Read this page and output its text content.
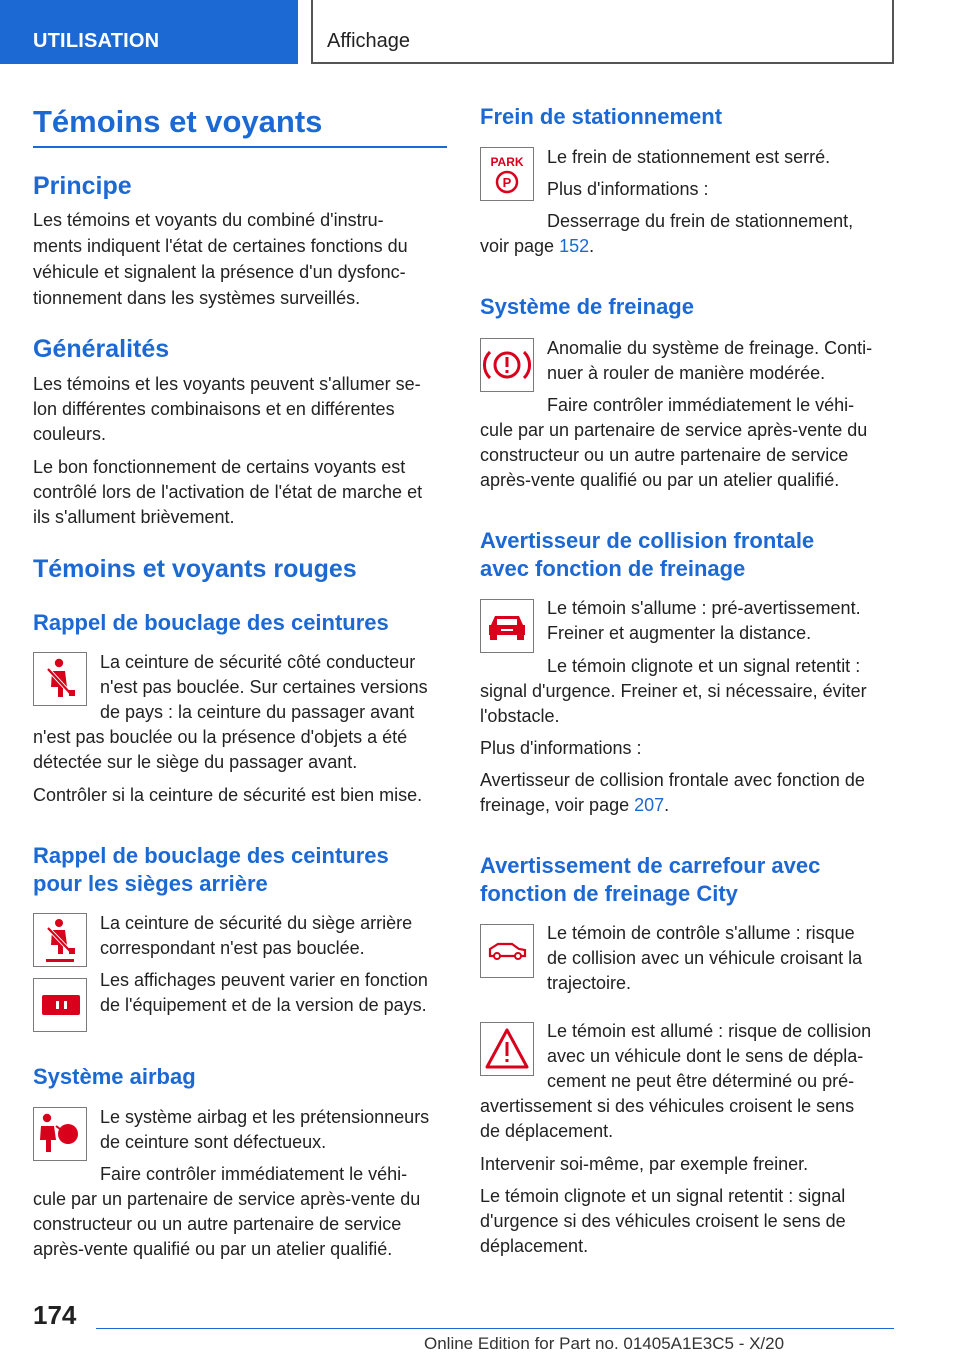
UTILISATION	Affichage
Témoins et voyants
Principe
Les témoins et voyants du combiné d'instru-
ments indiquent l'état de certaines fonctions du
véhicule et signalent la présence d'un dysfonc-
tionnement dans les systèmes surveillés.
Généralités
Les témoins et les voyants peuvent s'allumer se-
lon différentes combinaisons et en différentes
couleurs.
Le bon fonctionnement de certains voyants est
contrôlé lors de l'activation de l'état de marche et
ils s'allument brièvement.
Témoins et voyants rouges
Rappel de bouclage des ceintures
La ceinture de sécurité côté conducteur
n'est pas bouclée. Sur certaines versions
de pays : la ceinture du passager avant
n'est pas bouclée ou la présence d'objets a été
détectée sur le siège du passager avant.
Contrôler si la ceinture de sécurité est bien mise.
Rappel de bouclage des ceintures
pour les sièges arrière
La ceinture de sécurité du siège arrière
correspondant n'est pas bouclée.
Les affichages peuvent varier en fonction
de l'équipement et de la version de pays.
Système airbag
Le système airbag et les prétensionneurs
de ceinture sont défectueux.
Faire contrôler immédiatement le véhi-
cule par un partenaire de service après-vente du
constructeur ou un autre partenaire de service
après-vente qualifié ou par un atelier qualifié.
Frein de stationnement
PARK
P
Le frein de stationnement est serré.
Plus d'informations :
Desserrage du frein de stationnement,
voir page 152.
Système de freinage
Anomalie du système de freinage. Conti-
nuer à rouler de manière modérée.
Faire contrôler immédiatement le véhi-
cule par un partenaire de service après-vente du
constructeur ou un autre partenaire de service
après-vente qualifié ou par un atelier qualifié.
Avertisseur de collision frontale
avec fonction de freinage
Le témoin s'allume : pré-avertissement.
Freiner et augmenter la distance.
Le témoin clignote et un signal retentit :
signal d'urgence. Freiner et, si nécessaire, éviter
l'obstacle.
Plus d'informations :
Avertisseur de collision frontale avec fonction de
freinage, voir page 207.
Avertissement de carrefour avec
fonction de freinage City
Le témoin de contrôle s'allume : risque
de collision avec un véhicule croisant la
trajectoire.
Le témoin est allumé : risque de collision
avec un véhicule dont le sens de dépla-
cement ne peut être déterminé ou pré-
avertissement si des véhicules croisent le sens
de déplacement.
Intervenir soi-même, par exemple freiner.
Le témoin clignote et un signal retentit : signal
d'urgence si des véhicules croisent le sens de
déplacement.
174
Online Edition for Part no. 01405A1E3C5 - X/20
